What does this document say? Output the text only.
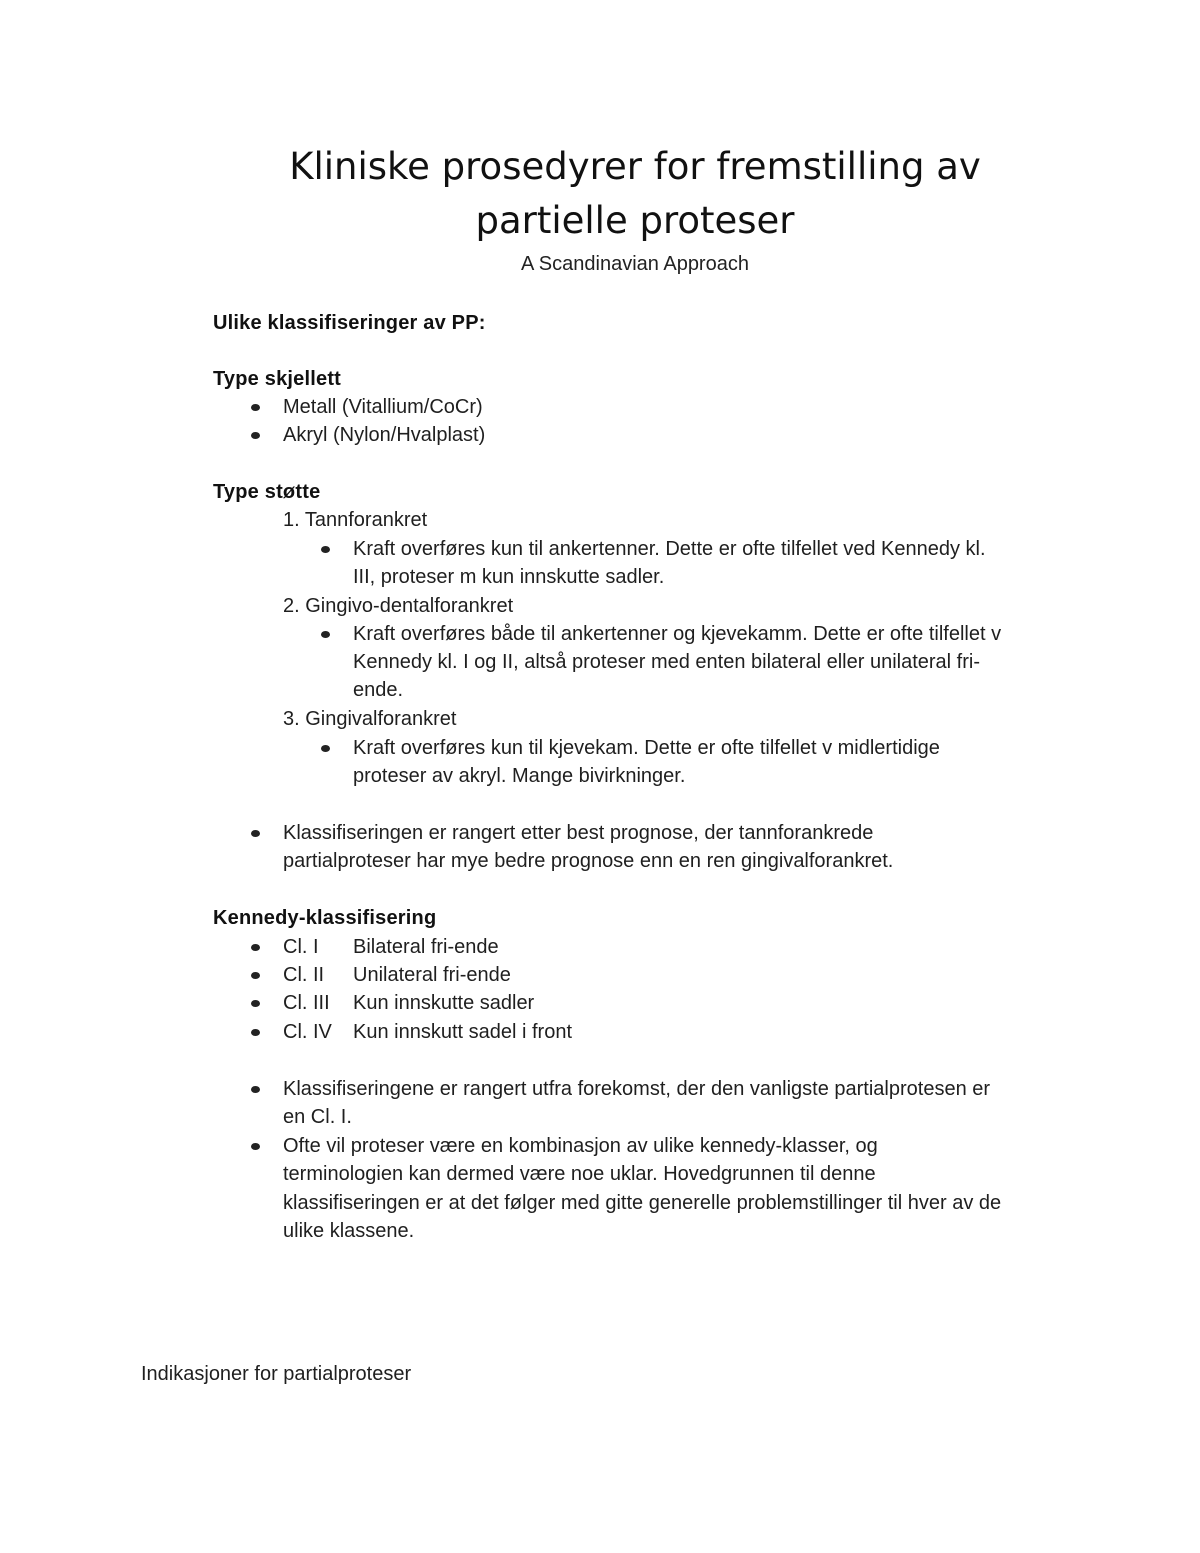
Kliniske prosedyrer for fremstilling av
partielle proteser
A Scandinavian Approach
Ulike klassifiseringer av PP:
Type skjellett
Metall (Vitallium/CoCr)
Akryl (Nylon/Hvalplast)
Type støtte
1. Tannforankret
Kraft overføres kun til ankertenner. Dette er ofte tilfellet ved Kennedy kl.
III, proteser m kun innskutte sadler.
2. Gingivo-dentalforankret
Kraft overføres både til ankertenner og kjevekamm. Dette er ofte tilfellet v
Kennedy kl. I og II, altså proteser med enten bilateral eller unilateral fri-
ende.
3. Gingivalforankret
Kraft overføres kun til kjevekam. Dette er ofte tilfellet v midlertidige
proteser av akryl. Mange bivirkninger.
Klassifiseringen er rangert etter best prognose, der tannforankrede
partialproteser har mye bedre prognose enn en ren gingivalforankret.
Kennedy-klassifisering
Cl. I Bilateral fri-ende
Cl. II Unilateral fri-ende
Cl. III Kun innskutte sadler
Cl. IV Kun innskutt sadel i front
Klassifiseringene er rangert utfra forekomst, der den vanligste partialprotesen er
en Cl. I.
Ofte vil proteser være en kombinasjon av ulike kennedy-klasser, og
terminologien kan dermed være noe uklar. Hovedgrunnen til denne
klassifiseringen er at det følger med gitte generelle problemstillinger til hver av de
ulike klassene.
Indikasjoner for partialproteser
